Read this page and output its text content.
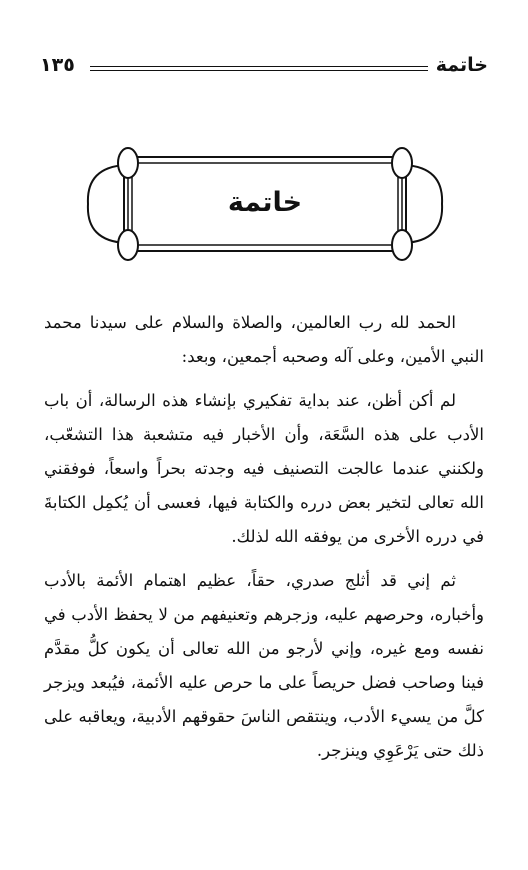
خاتمة
١٣٥
خاتمة

الحمد لله رب العالمين، والصلاة والسلام على سيدنا محمد النبي الأمين، وعلى آله وصحبه أجمعين، وبعد:

لم أكن أظن، عند بداية تفكيري بإنشاء هذه الرسالة، أن باب الأدب على هذه السَّعَة، وأن الأخبار فيه متشعبة هذا التشعّب، ولكنني عندما عالجت التصنيف فيه وجدته بحراً واسعاً، فوفقني الله تعالى لتخير بعض درره والكتابة فيها، فعسى أن يُكمِل الكتابةَ في درره الأخرى من يوفقه الله لذلك.

ثم إني قد أثلج صدري، حقاً، عظيم اهتمام الأئمة بالأدب وأخباره، وحرصهم عليه، وزجرهم وتعنيفهم من لا يحفظ الأدب في نفسه ومع غيره، وإني لأرجو من الله تعالى أن يكون كلُّ مقدَّم فينا وصاحب فضل حريصاً على ما حرص عليه الأئمة، فيُبعد ويزجر كلَّ من يسيء الأدب، وينتقص الناسَ حقوقهم الأدبية، ويعاقبه على ذلك حتى يَرْعَوِي وينزجر.
